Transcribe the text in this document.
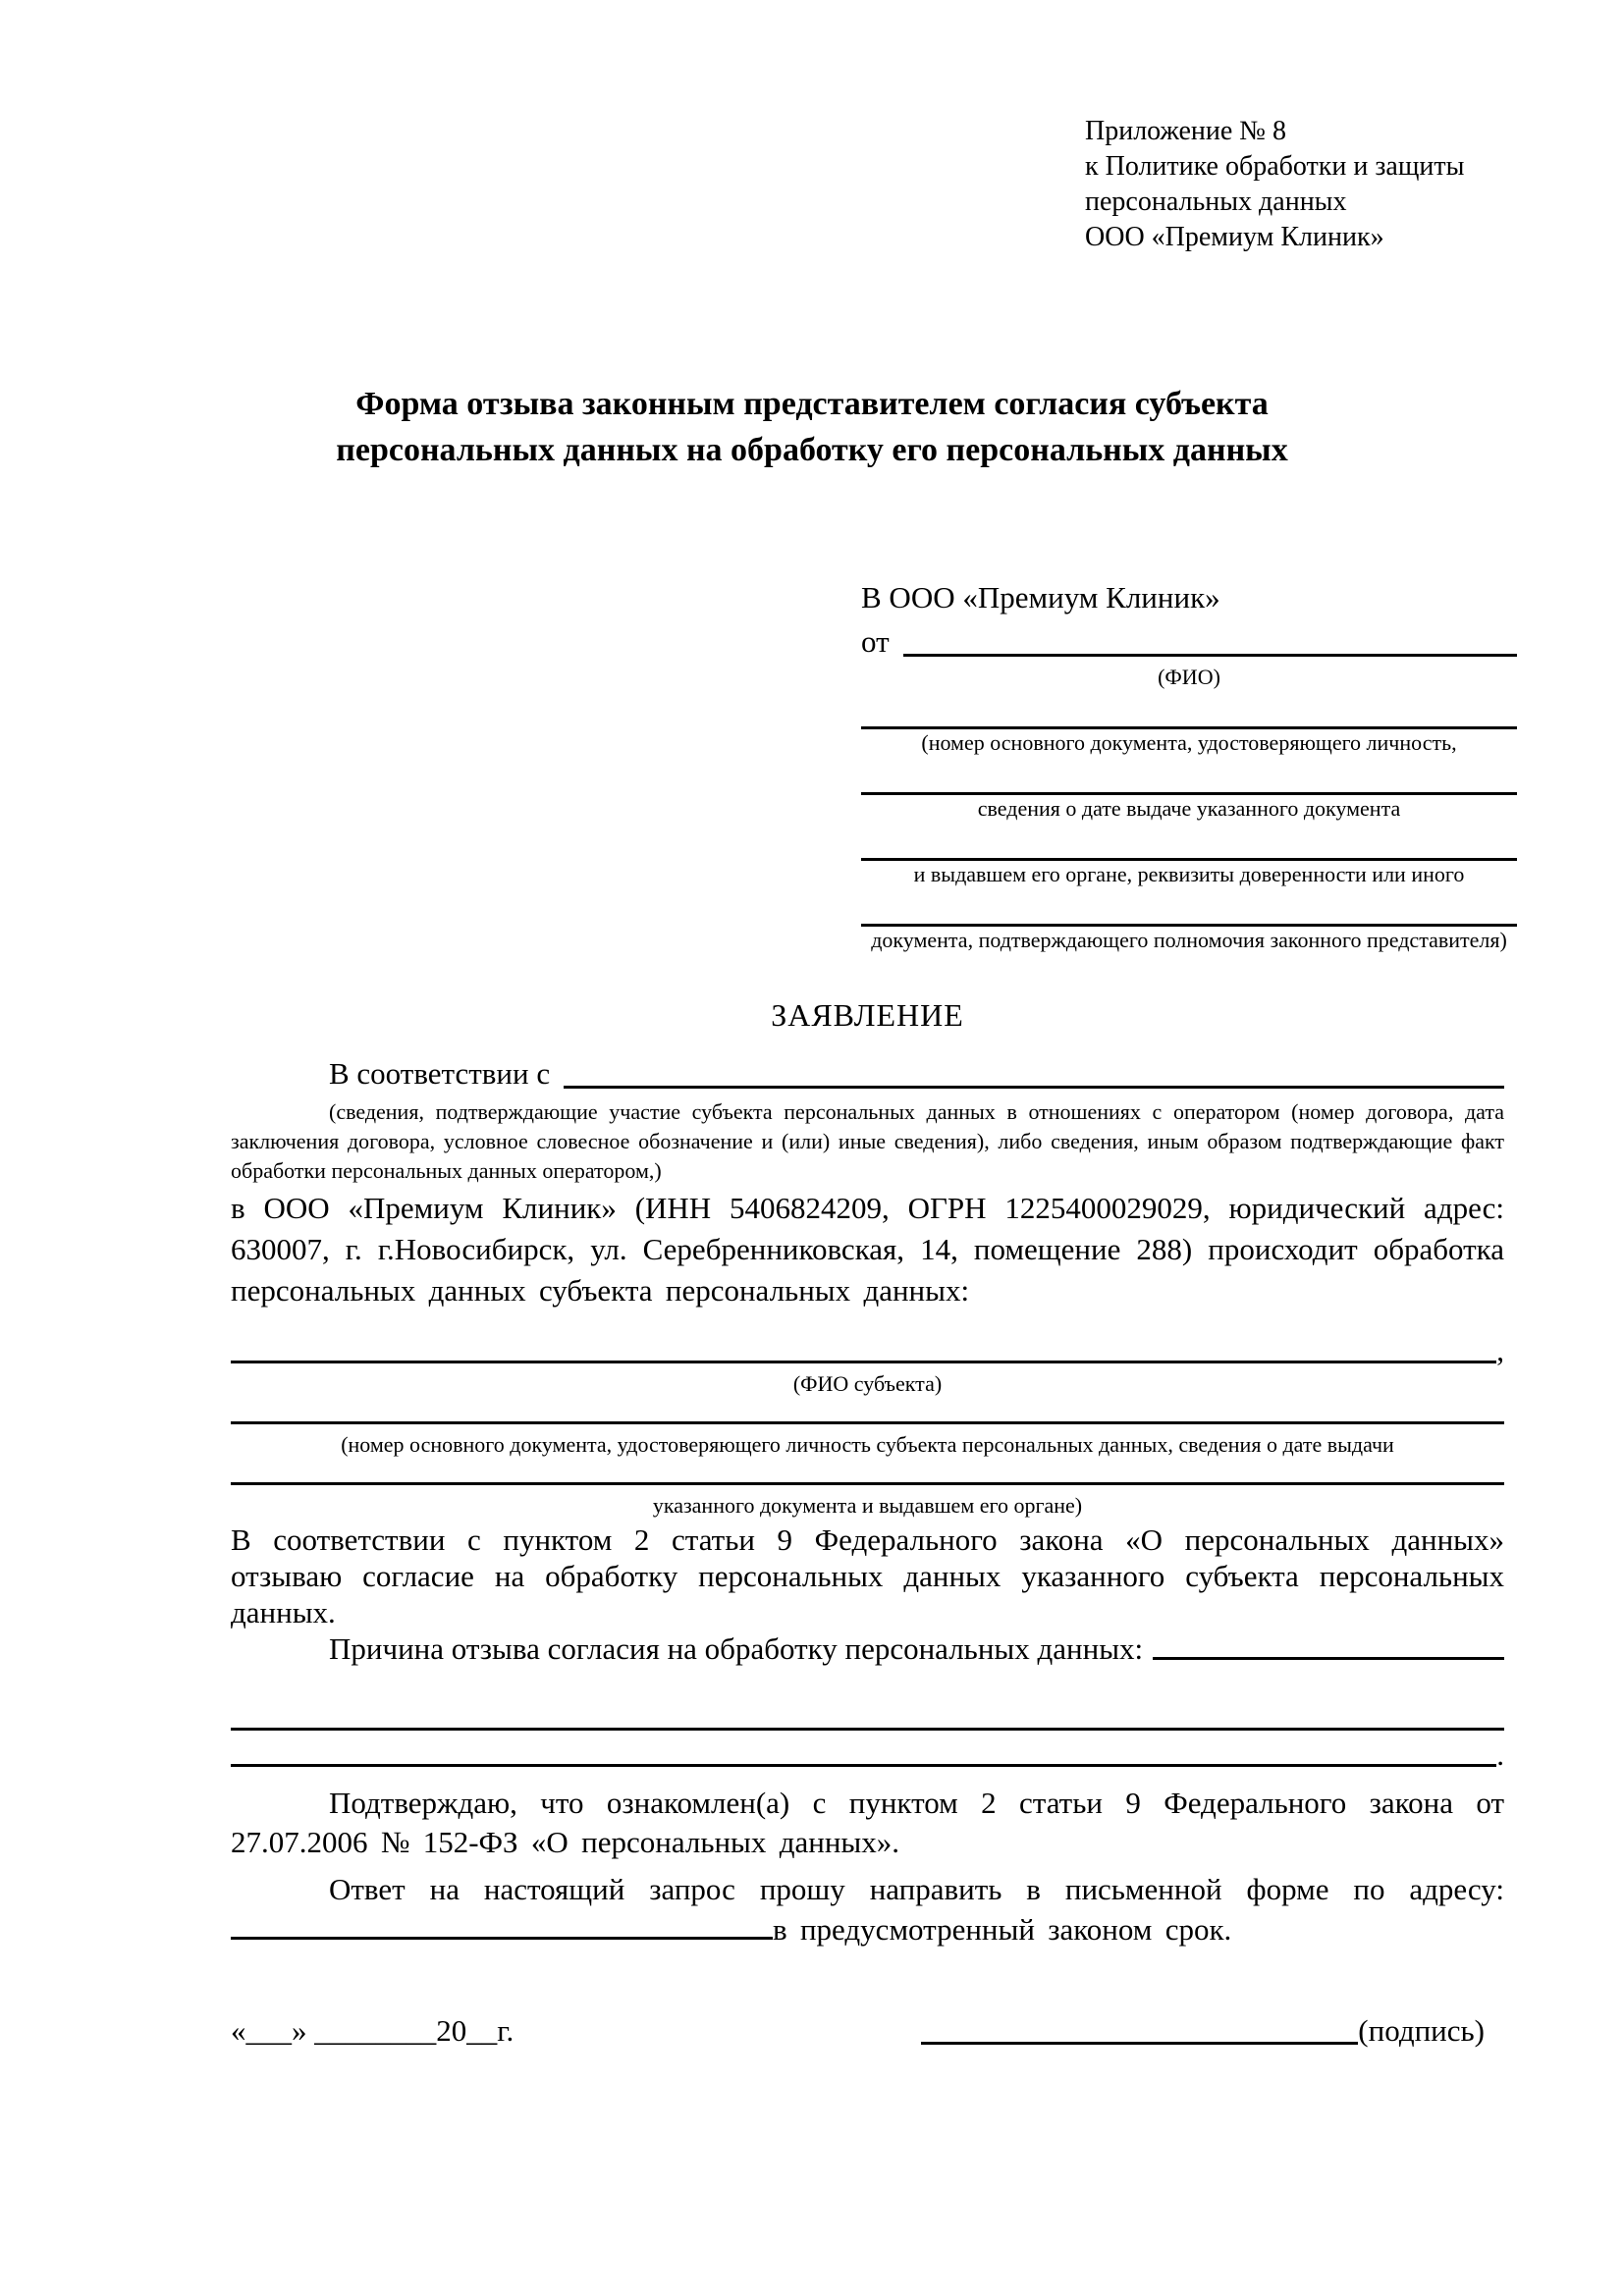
Приложение № 8
к Политике обработки и защиты
персональных данных
ООО «Премиум Клиник»
Форма отзыва законным представителем согласия субъекта
персональных данных на обработку его персональных данных
В ООО «Премиум Клиник»
от
(ФИО)
(номер основного документа, удостоверяющего личность,
сведения о дате выдаче указанного документа
и выдавшем его органе, реквизиты доверенности или иного
документа, подтверждающего полномочия законного представителя)
ЗАЯВЛЕНИЕ
В соответствии с
(сведения, подтверждающие участие субъекта персональных данных в отношениях с оператором (номер договора, дата заключения договора, условное словесное обозначение и (или) иные сведения), либо сведения, иным образом подтверждающие факт обработки персональных данных оператором,)
в ООО «Премиум Клиник» (ИНН 5406824209, ОГРН 1225400029029, юридический адрес: 630007, г. г.Новосибирск, ул. Серебренниковская, 14, помещение 288) происходит обработка персональных данных субъекта персональных данных:
,
(ФИО субъекта)
(номер основного документа, удостоверяющего личность субъекта персональных данных, сведения о дате выдачи
указанного документа и выдавшем его органе)
В соответствии с пунктом 2 статьи 9 Федерального закона «О персональных данных» отзываю согласие на обработку персональных данных указанного субъекта персональных данных.
Причина отзыва согласия на обработку персональных данных:
.
Подтверждаю, что ознакомлен(а) с пунктом 2 статьи 9 Федерального закона от 27.07.2006 № 152-ФЗ «О персональных данных».
Ответ на настоящий запрос прошу направить в письменной форме по адресу: в предусмотренный законом срок.
«___» ________20__г.	(подпись)
